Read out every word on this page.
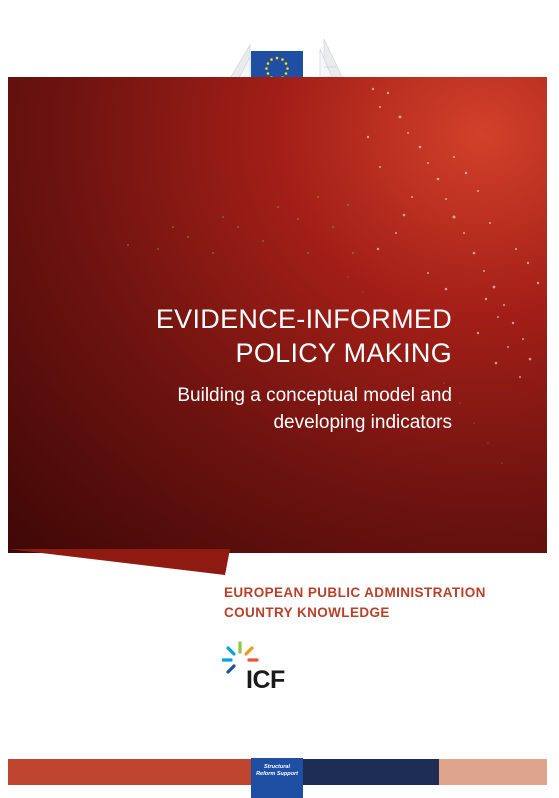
EVIDENCE-INFORMED
POLICY MAKING
Building a conceptual model and
developing indicators
EUROPEAN PUBLIC ADMINISTRATION
COUNTRY KNOWLEDGE
ICF
Structural
Reform Support
